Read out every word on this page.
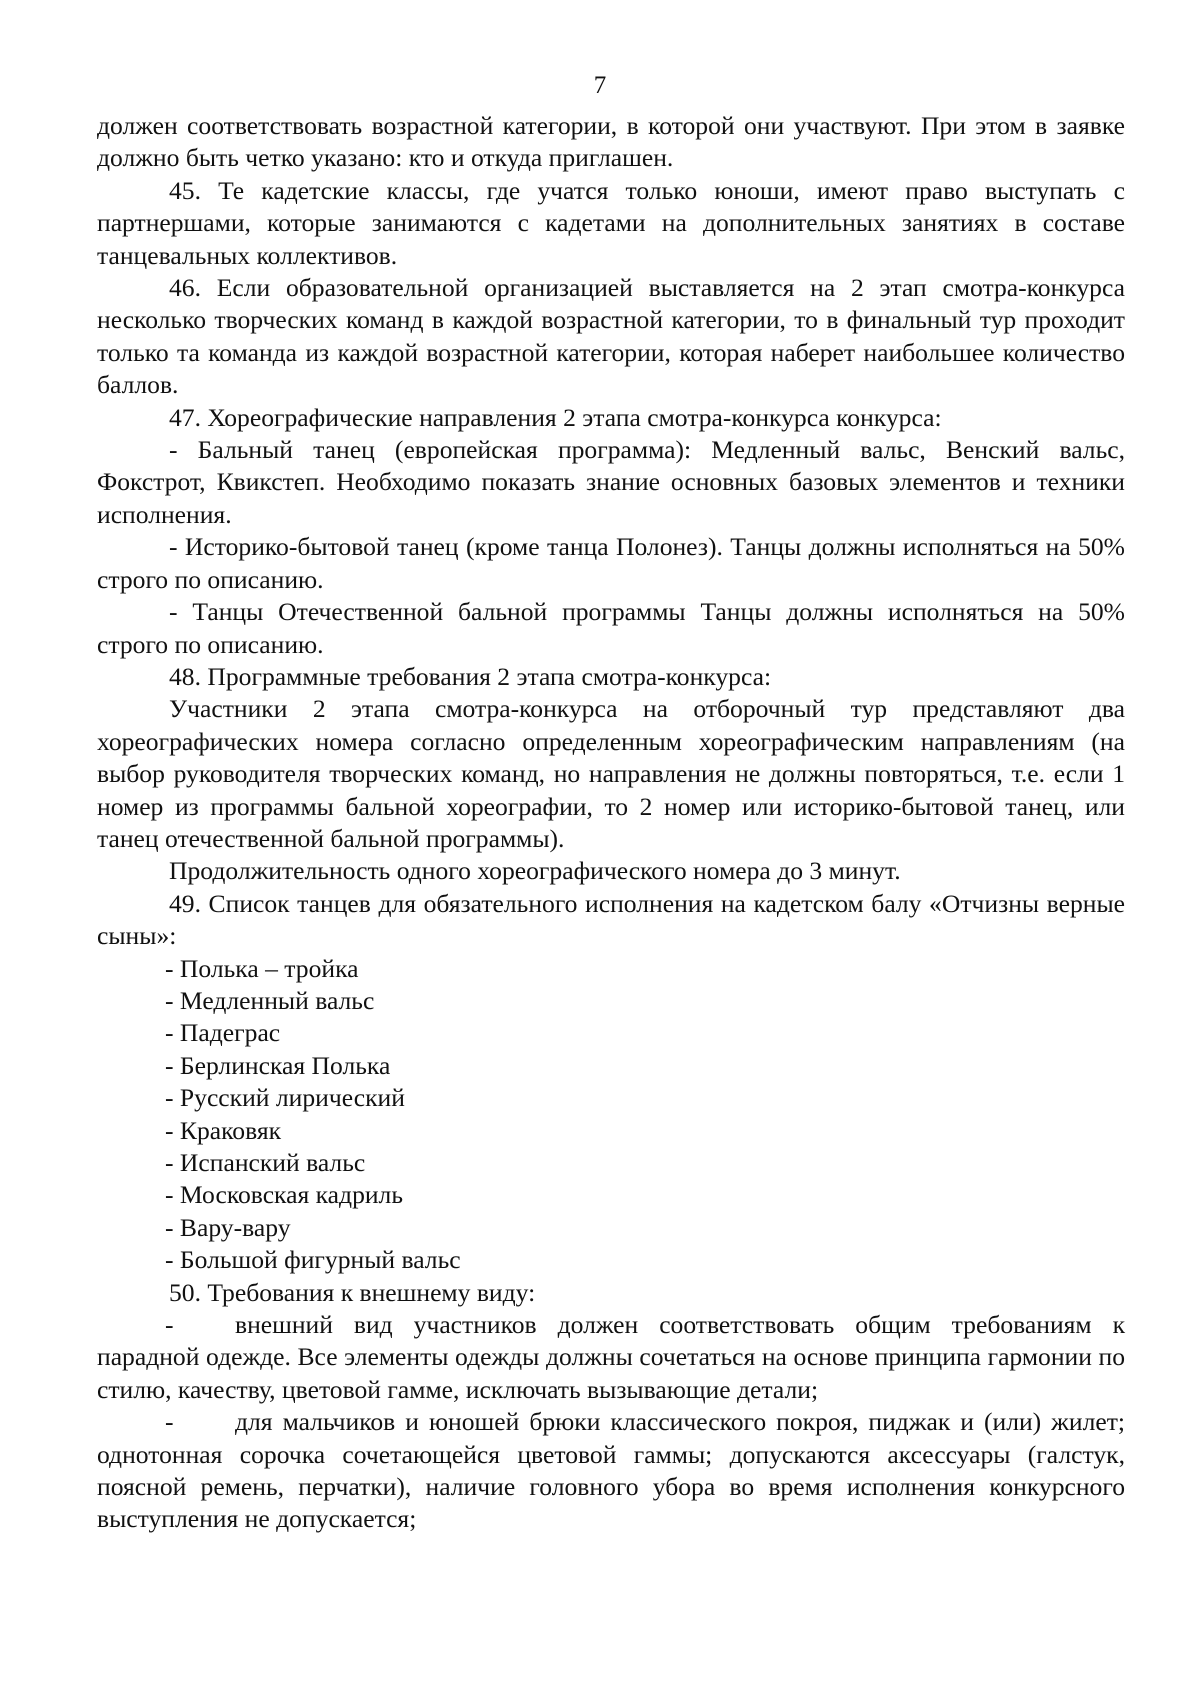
7

должен соответствовать возрастной категории, в которой они участвуют. При этом в заявке должно быть четко указано: кто и откуда приглашен.

45. Те кадетские классы, где учатся только юноши, имеют право выступать с партнершами, которые занимаются с кадетами на дополнительных занятиях в составе танцевальных коллективов.

46. Если образовательной организацией выставляется на 2 этап смотра-конкурса несколько творческих команд в каждой возрастной категории, то в финальный тур проходит только та команда из каждой возрастной категории, которая наберет наибольшее количество баллов.

47. Хореографические направления 2 этапа смотра-конкурса конкурса:

- Бальный танец (европейская программа): Медленный вальс, Венский вальс, Фокстрот, Квикстеп. Необходимо показать знание основных базовых элементов и техники исполнения.

- Историко-бытовой танец (кроме танца Полонез). Танцы должны исполняться на 50% строго по описанию.

- Танцы Отечественной бальной программы Танцы должны исполняться на 50% строго по описанию.

48. Программные требования 2 этапа смотра-конкурса:

Участники 2 этапа смотра-конкурса на отборочный тур представляют два хореографических номера согласно определенным хореографическим направлениям (на выбор руководителя творческих команд, но направления не должны повторяться, т.е. если 1 номер из программы бальной хореографии, то 2 номер или историко-бытовой танец, или танец отечественной бальной программы).

Продолжительность одного хореографического номера до 3 минут.

49. Список танцев для обязательного исполнения на кадетском балу «Отчизны верные сыны»:

- Полька – тройка

- Медленный вальс

- Падеграс

- Берлинская Полька

- Русский лирический

- Краковяк

- Испанский вальс

- Московская кадриль

- Вару-вару

- Большой фигурный вальс

50. Требования к внешнему виду:

- внешний вид участников должен соответствовать общим требованиям к парадной одежде. Все элементы одежды должны сочетаться на основе принципа гармонии по стилю, качеству, цветовой гамме, исключать вызывающие детали;

- для мальчиков и юношей брюки классического покроя, пиджак и (или) жилет; однотонная сорочка сочетающейся цветовой гаммы; допускаются аксессуары (галстук, поясной ремень, перчатки), наличие головного убора во время исполнения конкурсного выступления не допускается;
